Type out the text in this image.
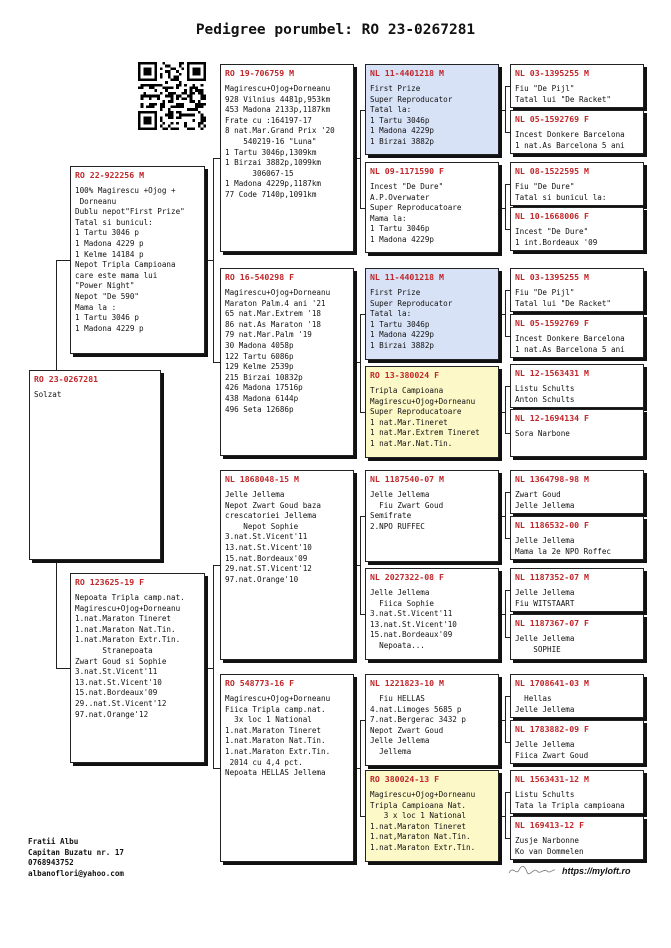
Pedigree porumbel: RO 23-0267281
RO 23-0267281
Solzat
RO 22-922256 M
100% Magirescu +Ojog +
Dorneanu
Dublu nepot"First Prize"
Tatal si bunicul:
1 Tartu 3046 p
1 Madona 4229 p
1 Kelme 14184 p
Nepot Tripla Campioana
care este mama lui
"Power Night"
Nepot "De 590"
Mama la :
1 Tartu 3046 p
1 Madona 4229 p
RO 123625-19 F
Nepoata Tripla camp.nat.
Magirescu+Ojog+Dorneanu
1.nat.Maraton Tineret
1.nat.Maraton Nat.Tin.
1.nat.Maraton Extr.Tin.
Stranepoata
Zwart Goud si Sophie
3.nat.St.Vicent'11
13.nat.St.Vicent'10
15.nat.Bordeaux'09
29..nat.St.Vicent'12
97.nat.Orange'12
RO 19-706759 M
Magirescu+Ojog+Dorneanu
928 Vilnius 4481p,953km
453 Madona 2133p,1187km
Frate cu :164197-17
8 nat.Mar.Grand Prix '20
540219-16 "Luna"
1 Tartu 3046p,1309km
1 Birzai 3882p,1099km
306067-15
1 Madona 4229p,1187km
77 Code 7140p,1091km
RO 16-540298 F
Magirescu+Ojog+Dorneanu
Maraton Palm.4 ani '21
65 nat.Mar.Extrem '18
86 nat.As Maraton '18
79 nat.Mar.Palm '19
30 Madona 4058p
122 Tartu 6086p
129 Kelme 2539p
215 Birzai 10832p
426 Madona 17516p
438 Madona 6144p
496 Seta 12686p
NL 1868048-15 M
Jelle Jellema
Nepot Zwart Goud baza
crescatoriei Jellema
Nepot Sophie
3.nat.St.Vicent'11
13.nat.St.Vicent'10
15.nat.Bordeaux'09
29.nat.ST.Vicent'12
97.nat.Orange'10
RO 548773-16 F
Magirescu+Ojog+Dorneanu
Fiica Tripla camp.nat.
3x loc 1 National
1.nat.Maraton Tineret
1.nat.Maraton Nat.Tin.
1.nat.Maraton Extr.Tin.
2014 cu 4,4 pct.
Nepoata HELLAS Jellema
NL 11-4401218 M
First Prize
Super Reproducator
Tatal la:
1 Tartu 3046p
1 Madona 4229p
1 Birzai 3882p
NL 09-1171590 F
Incest "De Dure"
A.P.Overwater
Super Reproducatoare
Mama la:
1 Tartu 3046p
1 Madona 4229p
NL 11-4401218 M
First Prize
Super Reproducator
Tatal la:
1 Tartu 3046p
1 Madona 4229p
1 Birzai 3882p
RO 13-380024 F
Tripla Campioana
Magirescu+Ojog+Dorneanu
Super Reproducatoare
1 nat.Mar.Tineret
1 nat.Mar.Extrem Tineret
1 nat.Mar.Nat.Tin.
NL 1187540-07 M
Jelle Jellema
Fiu Zwart Goud
Semifrate
2.NPO RUFFEC
NL 2027322-08 F
Jelle Jellema
Fiica Sophie
3.nat.St.Vicent'11
13.nat.St.Vicent'10
15.nat.Bordeaux'09
Nepoata...
NL 1221823-10 M
Fiu HELLAS
4.nat.Limoges 5685 p
7.nat.Bergerac 3432 p
Nepot Zwart Goud
Jelle Jellema
Jellema
RO 380024-13 F
Magirescu+Ojog+Dorneanu
Tripla Campioana Nat.
3 x loc 1 National
1.nat.Maraton Tineret
1.nat,Maraton Nat.Tin.
1.nat.Maraton Extr.Tin.
NL 03-1395255 M
Fiu "De Pijl"
Tatal lui "De Racket"
NL 05-1592769 F
Incest Donkere Barcelona
1 nat.As Barcelona 5 ani
NL 08-1522595 M
Fiu "De Dure"
Tatal si bunicul la:
NL 10-1668006 F
Incest "De Dure"
1 int.Bordeaux '09
NL 03-1395255 M
Fiu "De Pijl"
Tatal lui "De Racket"
NL 05-1592769 F
Incest Donkere Barcelona
1 nat.As Barcelona 5 ani
NL 12-1563431 M
Listu Schults
Anton Schults
NL 12-1694134 F
Sora Narbone
NL 1364798-98 M
Zwart Goud
Jelle Jellema
NL 1186532-00 F
Jelle Jellema
Mama la 2e NPO Roffec
NL 1187352-07 M
Jelle Jellema
Fiu WITSTAART
NL 1187367-07 F
Jelle Jellema
SOPHIE
NL 1708641-03 M
Hellas
Jelle Jellema
NL 1783882-09 F
Jelle Jellema
Fiica Zwart Goud
NL 1563431-12 M
Listu Schults
Tata la Tripla campioana
NL 169413-12 F
Zusje Narbonne
Ko van Dommelen
Fratii Albu
Capitan Buzatu nr. 17
0768943752
albanoflori@yahoo.com	https://myloft.ro
